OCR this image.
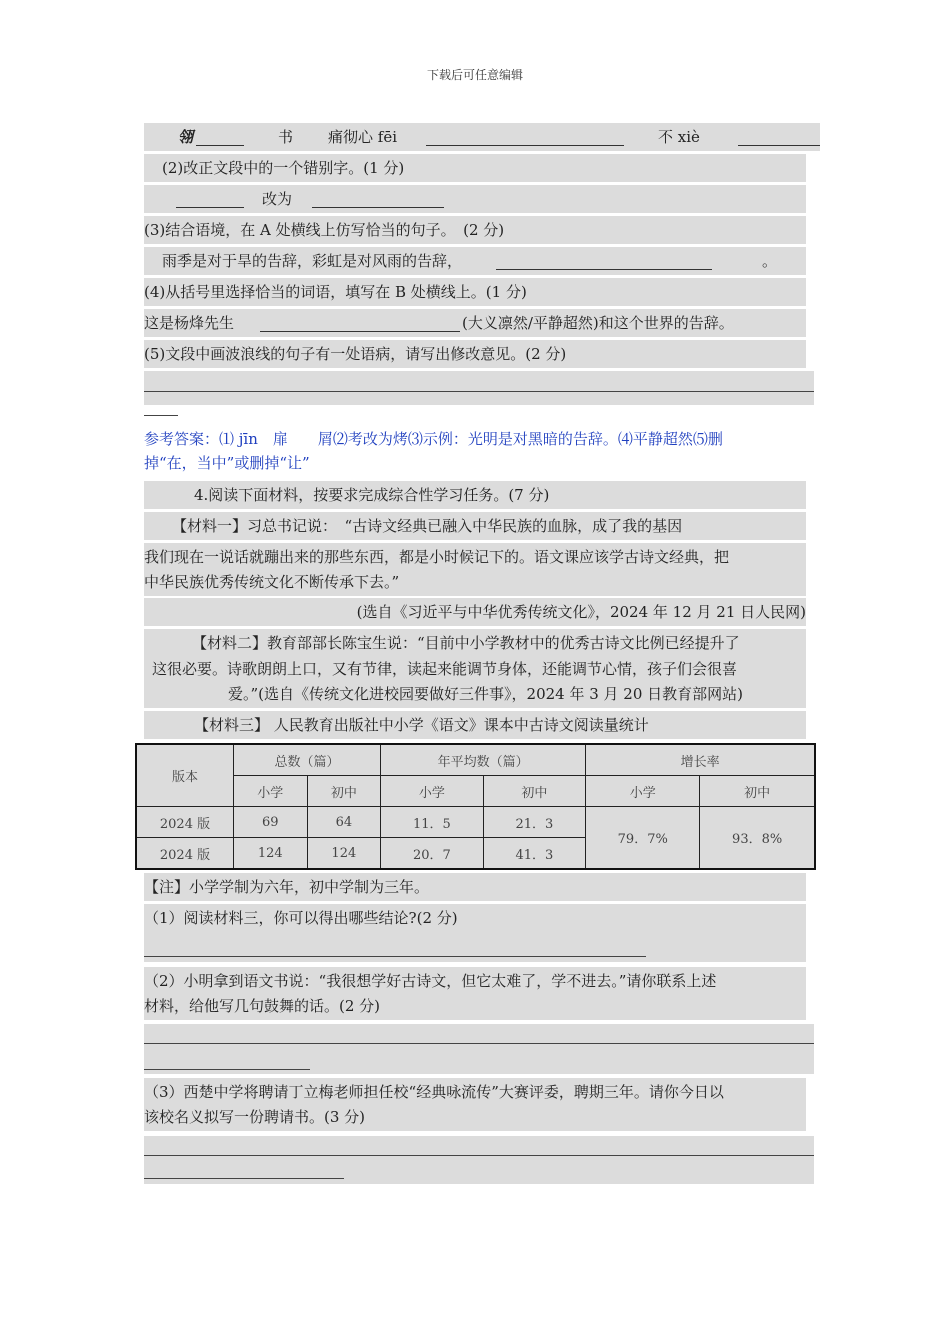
下载后可任意编辑
翎	书 痛彻心 fēi	不 xiè
(2)改正文段中的一个错别字。(1 分)
改为
(3)结合语境，在 A 处横线上仿写恰当的句子。　(2 分)
雨季是对于旱的告辞，彩虹是对风雨的告辞，	。
(4)从括号里选择恰当的词语，填写在 B 处横线上。(1 分)
这是杨烽先生	(大义凛然/平静超然)和这个世界的告辞。
(5)文段中画波浪线的句子有一处语病，请写出修改意见。(2 分)
参考答案：⑴ jīn　扉　　屑⑵考改为烤⑶示例：光明是对黑暗的告辞。⑷平静超然⑸删
掉“在，当中”或删掉“让”
4.阅读下面材料，按要求完成综合性学习任务。(7 分)
【材料一】习总书记说：　“古诗文经典已融入中华民族的血脉，成了我的基因
我们现在一说话就蹦出来的那些东西，都是小时候记下的。语文课应该学古诗文经典，把
中华民族优秀传统文化不断传承下去。”
(选自《习近平与中华优秀传统文化》，2024 年 12 月 21 日人民网)
【材料二】教育部部长陈宝生说：“目前中小学教材中的优秀古诗文比例已经提升了
这很必要。诗歌朗朗上口，又有节律，读起来能调节身体，还能调节心情，孩子们会很喜
爱。”(选自《传统文化进校园要做好三件事》，2024 年 3 月 20 日教育部网站)
【材料三】 人民教育出版社中小学《语文》课本中古诗文阅读量统计
版本	总数（篇）		年平均数（篇）		增长率	
	小学	初中	小学	初中	小学	初中
2024 版	69	64	11．5	21．3	79．7%	93．8%
2024 版	124	124	20．7	41．3		
【注】小学学制为六年，初中学制为三年。
（1）阅读材料三，你可以得出哪些结论?(2 分)
（2）小明拿到语文书说：“我很想学好古诗文，但它太难了，学不进去。”请你联系上述
材料，给他写几句鼓舞的话。(2 分)
（3）西楚中学将聘请丁立梅老师担任校“经典咏流传”大赛评委，聘期三年。请你今日以
该校名义拟写一份聘请书。(3 分)
